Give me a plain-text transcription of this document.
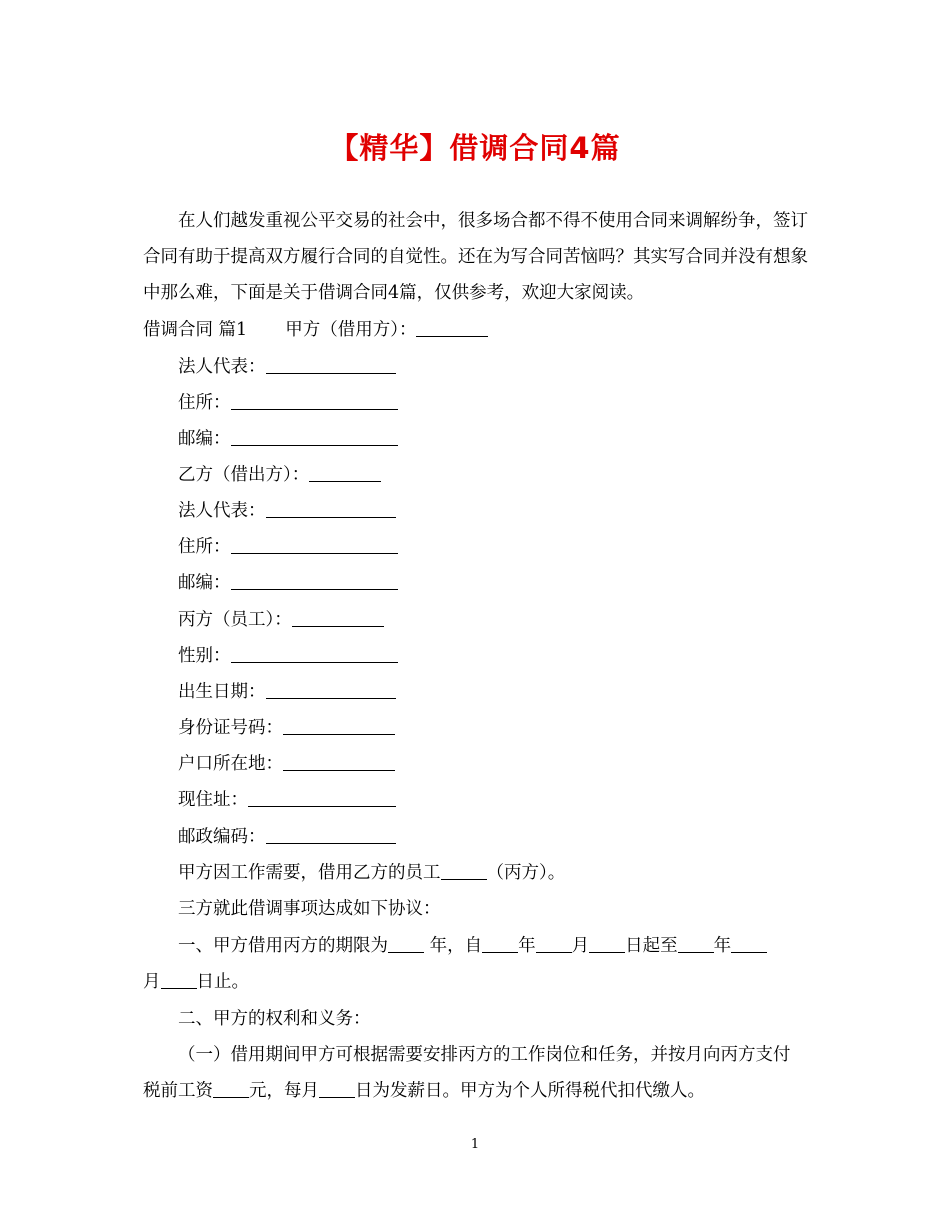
【精华】借调合同4篇

在人们越发重视公平交易的社会中，很多场合都不得不使用合同来调解纷争，签订合同有助于提高双方履行合同的自觉性。还在为写合同苦恼吗？其实写合同并没有想象中那么难，下面是关于借调合同4篇，仅供参考，欢迎大家阅读。

借调合同 篇1 甲方（借用方）：
法人代表：
住所：
邮编：
乙方（借出方）：
法人代表：
住所：
邮编：
丙方（员工）：
性别：
出生日期：
身份证号码：
户口所在地：
现住址：
邮政编码：
甲方因工作需要，借用乙方的员工	（丙方）。
三方就此借调事项达成如下协议：
一、甲方借用丙方的期限为 年，自 年 月 日起至 年
月 日止。
二、甲方的权利和义务：
（一）借用期间甲方可根据需要安排丙方的工作岗位和任务，并按月向丙方支付税前工资 元，每月 日为发薪日。甲方为个人所得税代扣代缴人。
1
